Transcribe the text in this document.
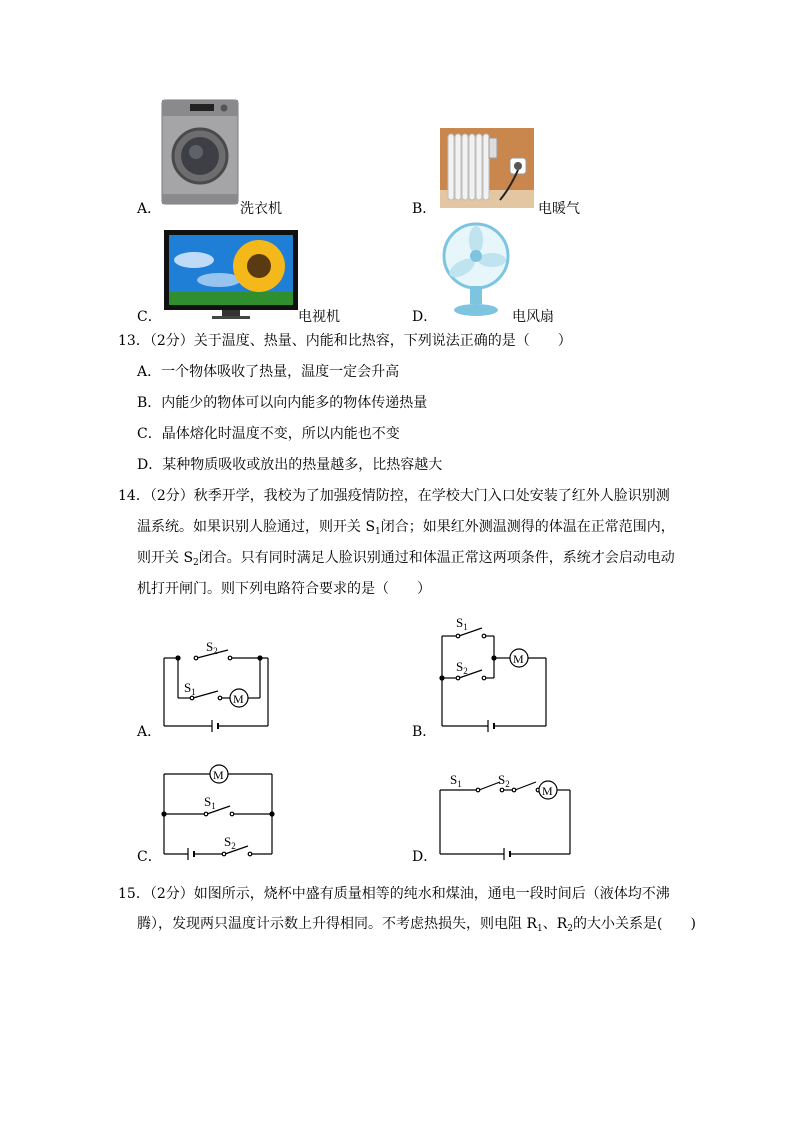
A．	洗衣机	B．	电暖气
C．	电视机	D．	电风扇
13．（2分）关于温度、热量、内能和比热容，下列说法正确的是（　　）
A．一个物体吸收了热量，温度一定会升高
B．内能少的物体可以向内能多的物体传递热量
C．晶体熔化时温度不变，所以内能也不变
D．某种物质吸收或放出的热量越多，比热容越大
14．（2分）秋季开学，我校为了加强疫情防控，在学校大门入口处安装了红外人脸识别测
温系统。如果识别人脸通过，则开关 $S_1$闭合；如果红外测温测得的体温在正常范围内，
则开关 $S_2$闭合。只有同时满足人脸识别通过和体温正常这两项条件，系统才会启动电动
机打开闸门。则下列电路符合要求的是（　　）
$S_2$
$S_1$	M
A．
$S_1$
$S_2$
M
B．
M
$S_1$
$S_2$
C．
$S_1$	$S_2$	M
D．
15．（2分）如图所示，烧杯中盛有质量相等的纯水和煤油，通电一段时间后（液体均不沸
腾），发现两只温度计示数上升得相同。不考虑热损失，则电阻 $R_1$、$R_2$的大小关系是(　　)
